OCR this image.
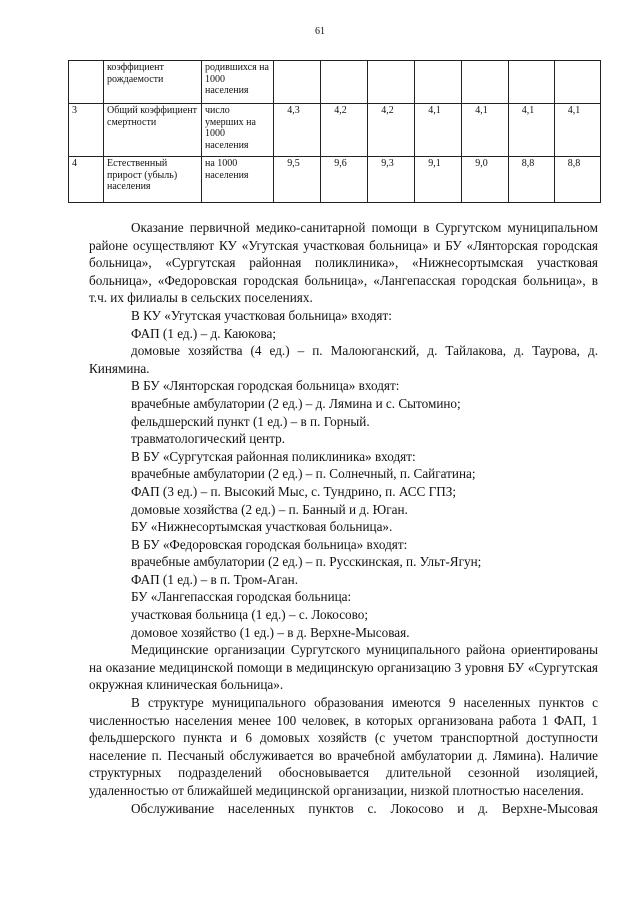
61
	коэффициент рождаемости	родившихся на 1000 населения							
3	Общий коэффициент смертности	число умерших на 1000 населения	4,3	4,2	4,2	4,1	4,1	4,1	4,1
4	Естественный прирост (убыль) населения	на 1000 населения	9,5	9,6	9,3	9,1	9,0	8,8	8,8

Оказание первичной медико-санитарной помощи в Сургутском муниципальном районе осуществляют КУ «Угутская участковая больница» и БУ «Лянторская городская больница», «Сургутская районная поликлиника», «Нижнесортымская участковая больница», «Федоровская городская больница», «Лангепасская городская больница», в т.ч. их филиалы в сельских поселениях.

В КУ «Угутская участковая больница» входят:

ФАП (1 ед.) – д. Каюкова;

домовые хозяйства (4 ед.) – п. Малоюганский, д. Тайлакова, д. Таурова, д. Кинямина.

В БУ «Лянторская городская больница» входят:

врачебные амбулатории (2 ед.) – д. Лямина и с. Сытомино;

фельдшерский пункт (1 ед.) – в п. Горный.

травматологический центр.

В БУ «Сургутская районная поликлиника» входят:

врачебные амбулатории (2 ед.) – п. Солнечный, п. Сайгатина;

ФАП (3 ед.) – п. Высокий Мыс, с. Тундрино, п. АСС ГПЗ;

домовые хозяйства (2 ед.) – п. Банный и д. Юган.

БУ «Нижнесортымская участковая больница».

В БУ «Федоровская городская больница» входят:

врачебные амбулатории (2 ед.) – п. Русскинская, п. Ульт-Ягун;

ФАП (1 ед.) – в п. Тром-Аган.

БУ «Лангепасская городская больница:

участковая больница (1 ед.) – с. Локосово;

домовое хозяйство (1 ед.) – в д. Верхне-Мысовая.

Медицинские организации Сургутского муниципального района ориентированы на оказание медицинской помощи в медицинскую организацию 3 уровня БУ «Сургутская окружная клиническая больница».

В структуре муниципального образования имеются 9 населенных пунктов с численностью населения менее 100 человек, в которых организована работа 1 ФАП, 1 фельдшерского пункта и 6 домовых хозяйств (с учетом транспортной доступности население п. Песчаный обслуживается во врачебной амбулатории д. Лямина). Наличие структурных подразделений обосновывается длительной сезонной изоляцией, удаленностью от ближайшей медицинской организации, низкой плотностью населения.

Обслуживание населенных пунктов с. Локосово и д. Верхне-Мысовая
